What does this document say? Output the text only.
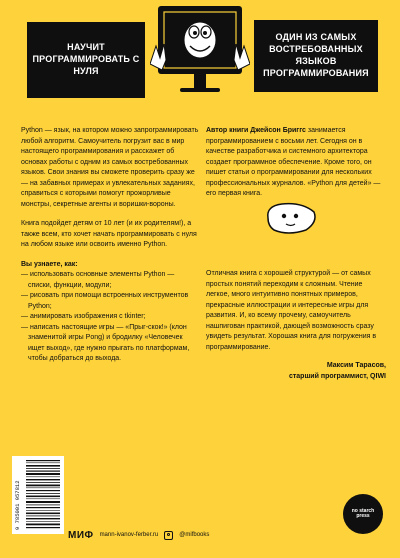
НАУЧИТ ПРОГРАММИРОВАТЬ С НУЛЯ
ОДИН ИЗ САМЫХ ВОСТРЕБОВАННЫХ ЯЗЫКОВ ПРОГРАММИРОВАНИЯ

Python — язык, на котором можно запрограммировать любой алгоритм. Самоучитель погрузит вас в мир настоящего программирования и расскажет об основах работы с одним из самых востребованных языков. Свои знания вы сможете проверить сразу же — на забавных примерах и увлекательных заданиях, справиться с которыми помогут прожорливые монстры, секретные агенты и воришки-вороны.

Книга подойдет детям от 10 лет (и их родителям!), а также всем, кто хочет начать программировать с нуля на любом языке или освоить именно Python.

Вы узнаете, как:

— использовать основные элементы Python — списки, функции, модули;
— рисовать при помощи встроенных инструментов Python;
— анимировать изображения с tkinter;
— написать настоящие игры — «Прыг-скок!» (клон знаменитой игры Pong) и бродилку «Человечек ищет выход», где нужно прыгать по платформам, чтобы добраться до выхода.

Автор книги Джейсон Бриггс занимается программированием с восьми лет. Сегодня он в качестве разработчика и системного архитектора создает программное обеспечение. Кроме того, он пишет статьи о программировании для нескольких профессиональных журналов. «Python для детей» — его первая книга.

Отличная книга с хорошей структурой — от самых простых понятий переходим к сложным. Чтение легкое, много интуитивно понятных примеров, прекрасные иллюстрации и интересные игры для развития. И, ко всему прочему, самоучитель нашпигован практикой, дающей возможность сразу увидеть результат. Хорошая книга для погружения в программирование.

Максим Тарасов,

старший программист, QIWI

9 785001 957812	no starch
press
МИФ mann-ivanov-ferber.ru	@mifbooks
